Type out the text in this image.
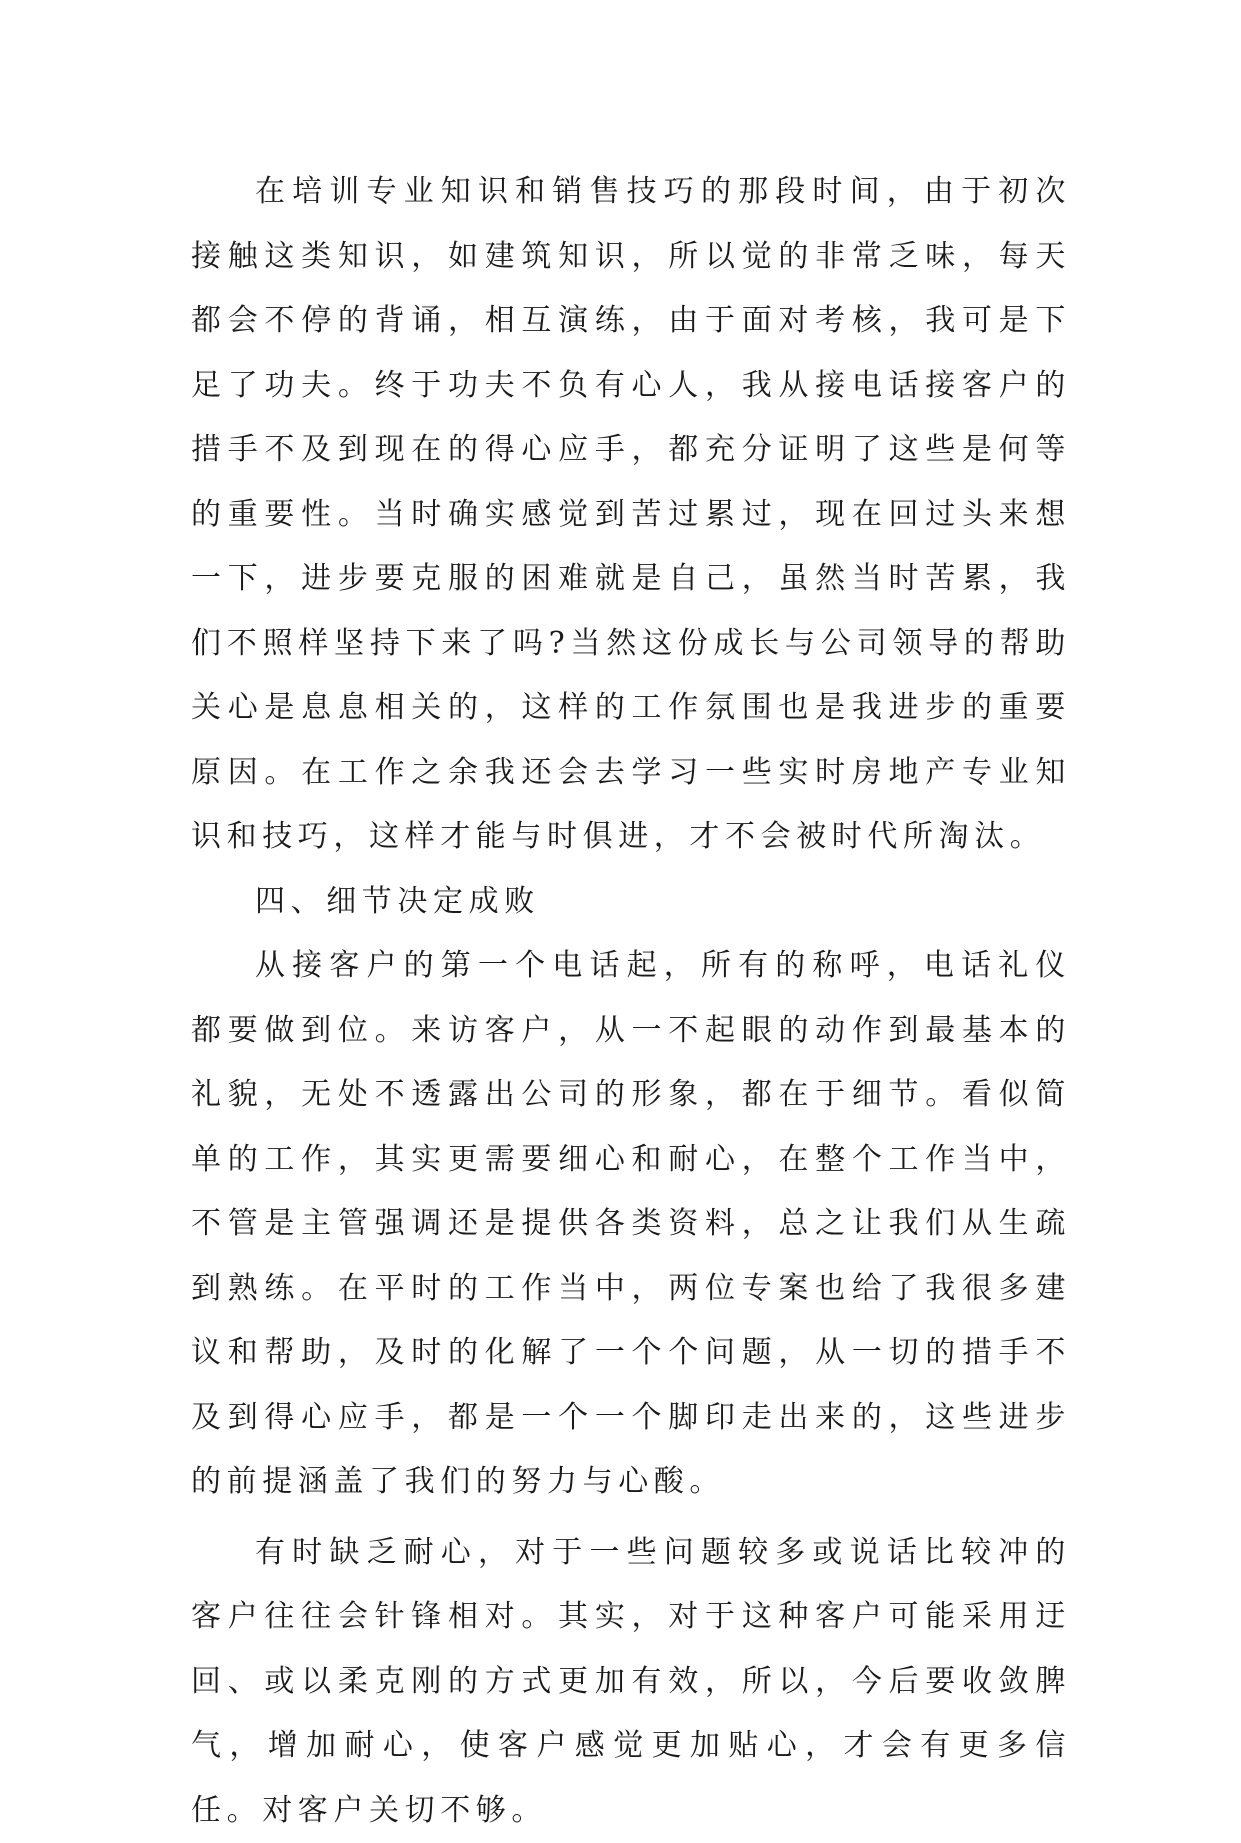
在培训专业知识和销售技巧的那段时间，由于初次接触这类知识，如建筑知识，所以觉的非常乏味，每天都会不停的背诵，相互演练，由于面对考核，我可是下足了功夫。终于功夫不负有心人，我从接电话接客户的措手不及到现在的得心应手，都充分证明了这些是何等的重要性。当时确实感觉到苦过累过，现在回过头来想一下，进步要克服的困难就是自己，虽然当时苦累，我们不照样坚持下来了吗?当然这份成长与公司领导的帮助关心是息息相关的，这样的工作氛围也是我进步的重要原因。在工作之余我还会去学习一些实时房地产专业知识和技巧，这样才能与时俱进，才不会被时代所淘汰。

四、细节决定成败

从接客户的第一个电话起，所有的称呼，电话礼仪都要做到位。来访客户，从一不起眼的动作到最基本的礼貌，无处不透露出公司的形象，都在于细节。看似简单的工作，其实更需要细心和耐心，在整个工作当中，不管是主管强调还是提供各类资料，总之让我们从生疏到熟练。在平时的工作当中，两位专案也给了我很多建议和帮助，及时的化解了一个个问题，从一切的措手不及到得心应手，都是一个一个脚印走出来的，这些进步的前提涵盖了我们的努力与心酸。

有时缺乏耐心，对于一些问题较多或说话比较冲的客户往往会针锋相对。其实，对于这种客户可能采用迂回、或以柔克刚的方式更加有效，所以，今后要收敛脾气，增加耐心，使客户感觉更加贴心，才会有更多信任。对客户关切不够。
